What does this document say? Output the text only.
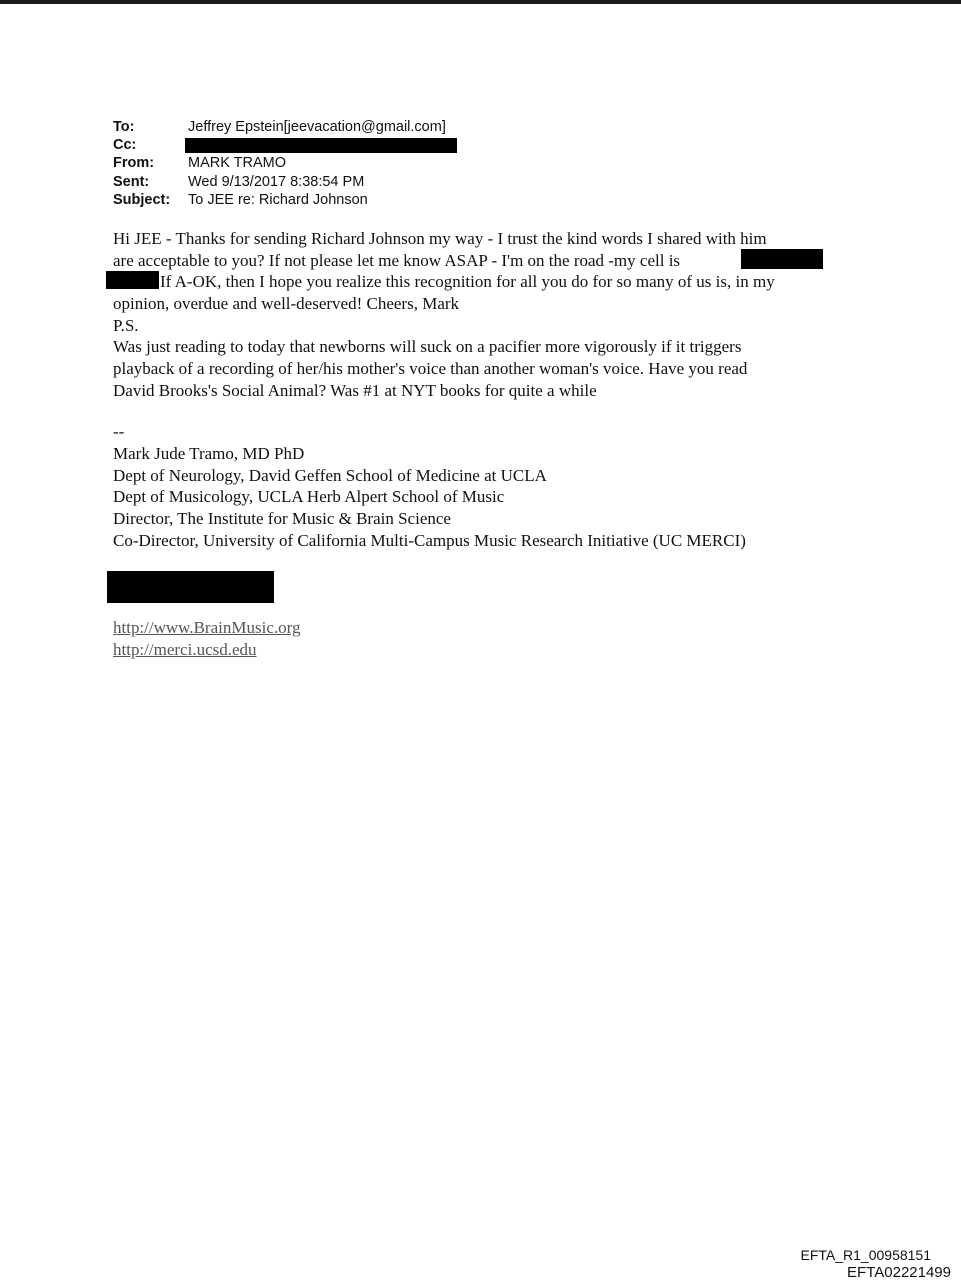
To:	Jeffrey Epstein[jeevacation@gmail.com]
Cc:
From: MARK TRAMO
Sent:	Wed 9/13/2017 8:38:54 PM
Subject: To JEE re: Richard Johnson
Hi JEE - Thanks for sending Richard Johnson my way - I trust the kind words I shared with him
are acceptable to you? If not please let me know ASAP - I'm on the road -my cell is
If A-OK, then I hope you realize this recognition for all you do for so many of us is, in my
opinion, overdue and well-deserved! Cheers, Mark
P.S.
Was just reading to today that newborns will suck on a pacifier more vigorously if it triggers
playback of a recording of her/his mother's voice than another woman's voice. Have you read
David Brooks's Social Animal? Was #1 at NYT books for quite a while
--
Mark Jude Tramo, MD PhD
Dept of Neurology, David Geffen School of Medicine at UCLA
Dept of Musicology, UCLA Herb Alpert School of Music
Director, The Institute for Music & Brain Science
Co-Director, University of California Multi-Campus Music Research Initiative (UC MERCI)
http://www.BrainMusic.org
http://merci.ucsd.edu
EFTA_R1_00958151
EFTA02221499
